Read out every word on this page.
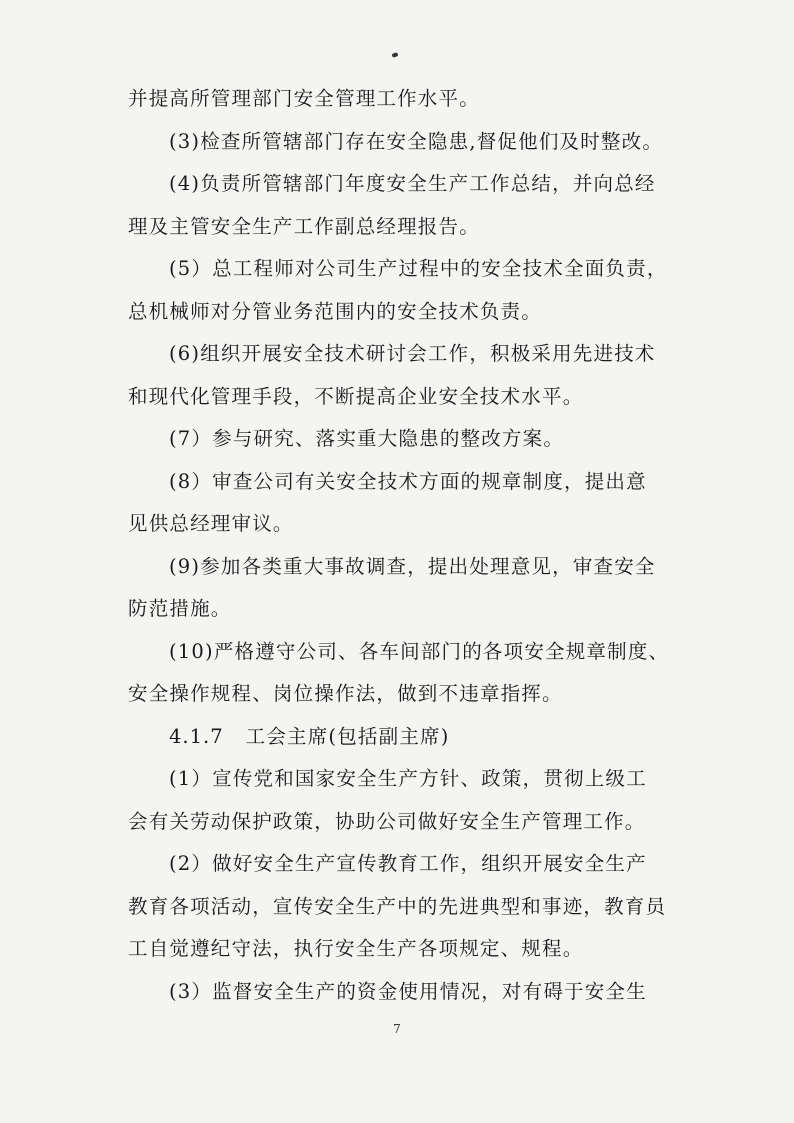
并提高所管理部门安全管理工作水平。
(3)检查所管辖部门存在安全隐患,督促他们及时整改。
(4)负责所管辖部门年度安全生产工作总结，并向总经
理及主管安全生产工作副总经理报告。
(5）总工程师对公司生产过程中的安全技术全面负责，
总机械师对分管业务范围内的安全技术负责。
(6)组织开展安全技术研讨会工作，积极采用先进技术
和现代化管理手段，不断提高企业安全技术水平。
(7）参与研究、落实重大隐患的整改方案。
(8）审查公司有关安全技术方面的规章制度，提出意
见供总经理审议。
(9)参加各类重大事故调查，提出处理意见，审查安全
防范措施。
(10)严格遵守公司、各车间部门的各项安全规章制度、
安全操作规程、岗位操作法，做到不违章指挥。
4.1.7 工会主席(包括副主席)
(1）宣传党和国家安全生产方针、政策，贯彻上级工
会有关劳动保护政策，协助公司做好安全生产管理工作。
(2）做好安全生产宣传教育工作，组织开展安全生产
教育各项活动，宣传安全生产中的先进典型和事迹，教育员
工自觉遵纪守法，执行安全生产各项规定、规程。
(3）监督安全生产的资金使用情况，对有碍于安全生
7
